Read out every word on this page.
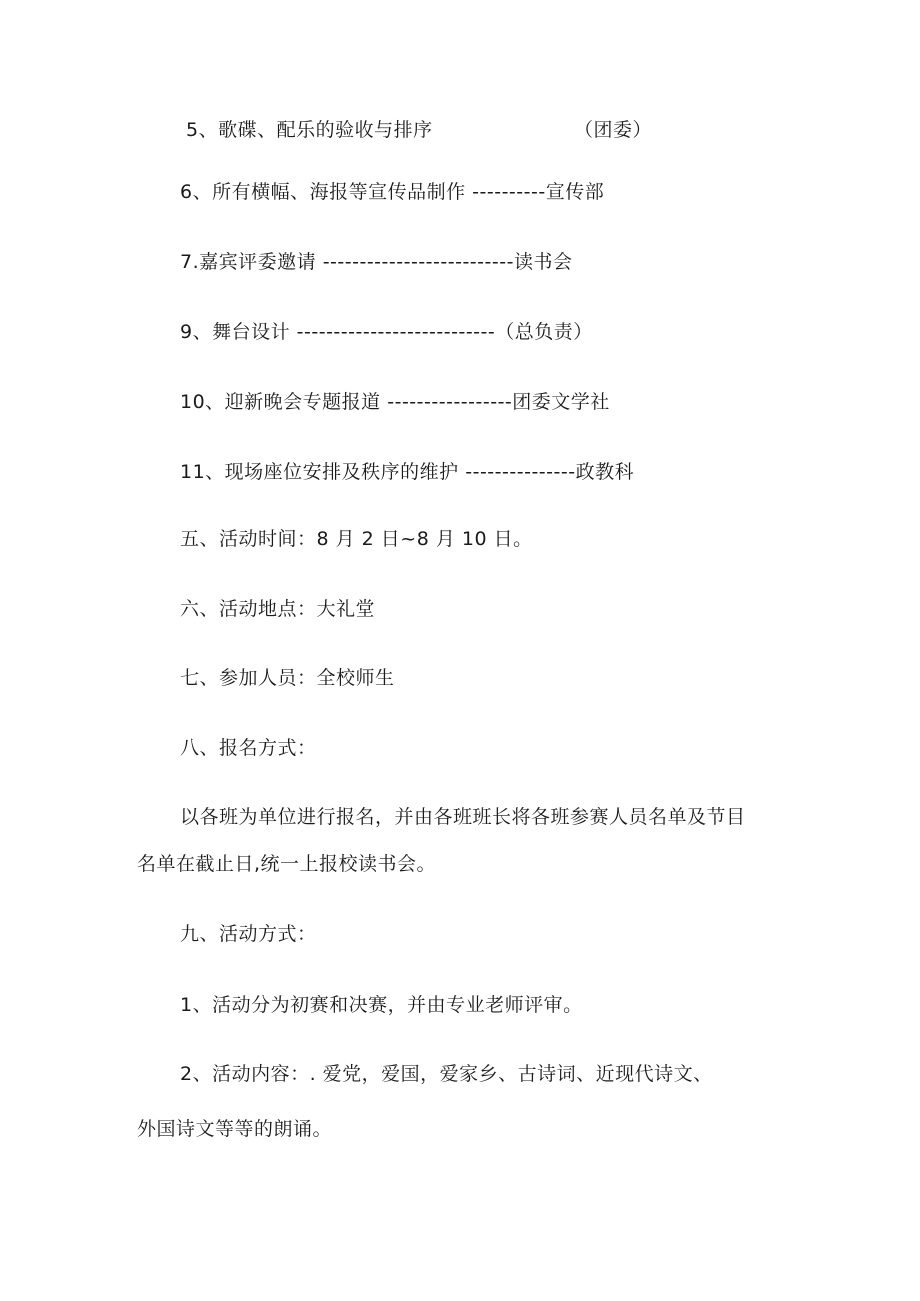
5、歌碟、配乐的验收与排序	（团委）
6、所有横幅、海报等宣传品制作 ----------宣传部
7.嘉宾评委邀请 --------------------------读书会
9、舞台设计 ---------------------------（总负责）
10、迎新晚会专题报道 -----------------团委文学社
11、现场座位安排及秩序的维护 ---------------政教科
五、活动时间：8 月 2 日~8 月 10 日。
六、活动地点：大礼堂
七、参加人员：全校师生
八、报名方式：
以各班为单位进行报名，并由各班班长将各班参赛人员名单及节目
名单在截止日,统一上报校读书会。
九、活动方式：
1、活动分为初赛和决赛，并由专业老师评审。
2、活动内容：. 爱党，爱国，爱家乡、古诗词、近现代诗文、
外国诗文等等的朗诵。
